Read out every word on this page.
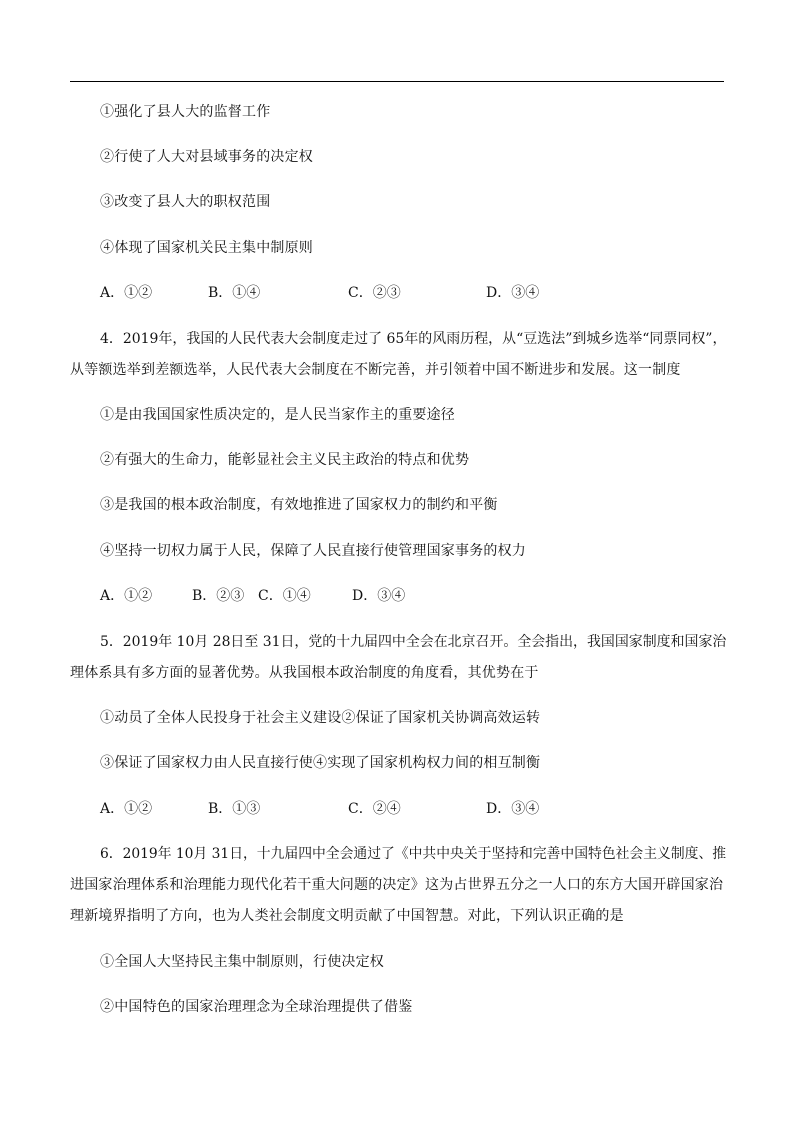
①强化了县人大的监督工作
②行使了人大对县域事务的决定权
③改变了县人大的职权范围
④体现了国家机关民主集中制原则
A．①②	B．①④	C．②③	D．③④
4．2019年，我国的人民代表大会制度走过了 65年的风雨历程，从“豆选法”到城乡选举“同票同权”，
从等额选举到差额选举，人民代表大会制度在不断完善，并引领着中国不断进步和发展。这一制度
①是由我国国家性质决定的，是人民当家作主的重要途径
②有强大的生命力，能彰显社会主义民主政治的特点和优势
③是我国的根本政治制度，有效地推进了国家权力的制约和平衡
④坚持一切权力属于人民，保障了人民直接行使管理国家事务的权力
A．①②	B．②③ C．①④	D．③④
5．2019年 10月 28日至 31日，党的十九届四中全会在北京召开。全会指出，我国国家制度和国家治
理体系具有多方面的显著优势。从我国根本政治制度的角度看，其优势在于
①动员了全体人民投身于社会主义建设②保证了国家机关协调高效运转
③保证了国家权力由人民直接行使④实现了国家机构权力间的相互制衡
A．①②	B．①③	C．②④	D．③④
6．2019年 10月 31日，十九届四中全会通过了《中共中央关于坚持和完善中国特色社会主义制度、推
进国家治理体系和治理能力现代化若干重大问题的决定》这为占世界五分之一人口的东方大国开辟国家治
理新境界指明了方向，也为人类社会制度文明贡献了中国智慧。对此，下列认识正确的是
①全国人大坚持民主集中制原则，行使决定权
②中国特色的国家治理理念为全球治理提供了借鉴
